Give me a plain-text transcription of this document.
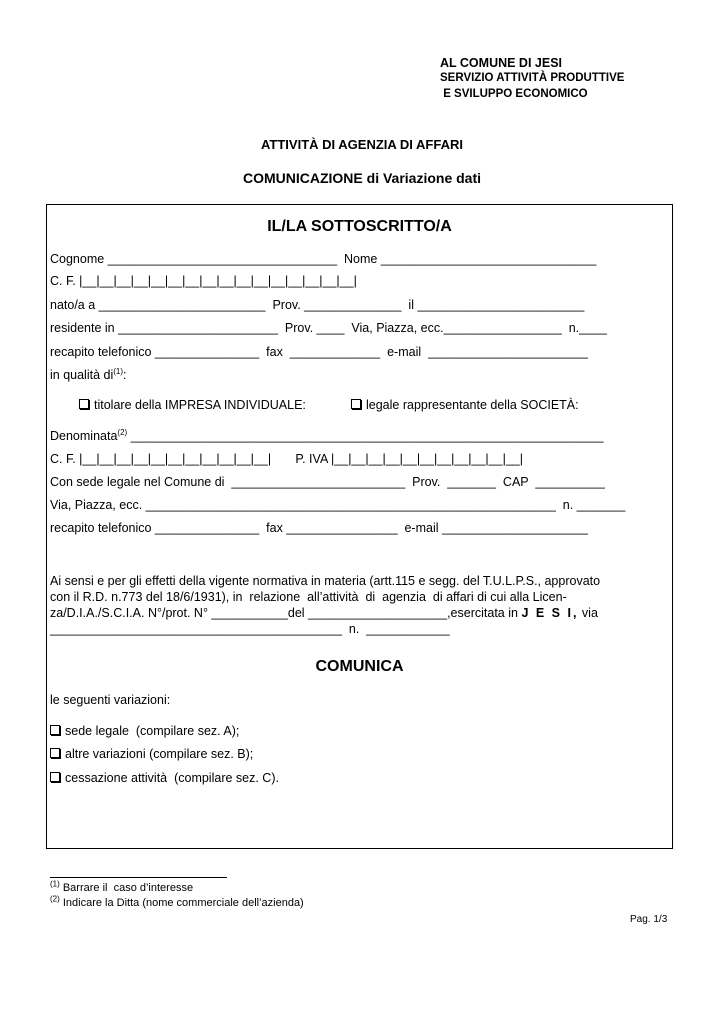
AL COMUNE DI JESI
SERVIZIO ATTIVITÀ PRODUTTIVE
E SVILUPPO ECONOMICO
ATTIVITÀ DI AGENZIA DI AFFARI
COMUNICAZIONE di Variazione dati
IL/LA SOTTOSCRITTO/A
Cognome _________________________________  Nome _______________________________
C. F. |__|__|__|__|__|__|__|__|__|__|__|__|__|__|__|__|
nato/a a ________________________  Prov. ______________  il ________________________
residente in _______________________  Prov. ____  Via, Piazza, ecc._________________  n.____
recapito telefonico _______________  fax  _____________  e-mail  _______________________
in qualità $di^{(1)}$:
titolare della IMPRESA INDIVIDUALE:	legale rappresentante della SOCIETÀ:
Denominata$^{(2)}$ ____________________________________________________________________
C. F. |__|__|__|__|__|__|__|__|__|__|__|       P. IVA |__|__|__|__|__|__|__|__|__|__|__|
Con sede legale nel Comune di  _________________________  Prov.  _______  CAP  __________
Via, Piazza, ecc. ___________________________________________________________  n. _______
recapito telefonico _______________  fax ________________  e-mail _____________________
Ai sensi e per gli effetti della vigente normativa in materia (artt.115 e segg. del T.U.L.P.S., approvato
con il R.D. n.773 del 18/6/1931), in  relazione  all’attività  di  agenzia  di affari di cui alla Licen-
za/D.I.A./S.C.I.A. N°/prot. N° ___________del ____________________,esercitata in J E S I, via
__________________________________________  n.  ____________
COMUNICA
le seguenti variazioni:
sede legale  (compilare sez. A);
altre variazioni (compilare sez. B);
cessazione attività  (compilare sez. C).
$^{(1)}$ Barrare il  caso d’interesse
$^{(2)}$ Indicare la Ditta (nome commerciale dell’azienda)
Pag. 1/3
